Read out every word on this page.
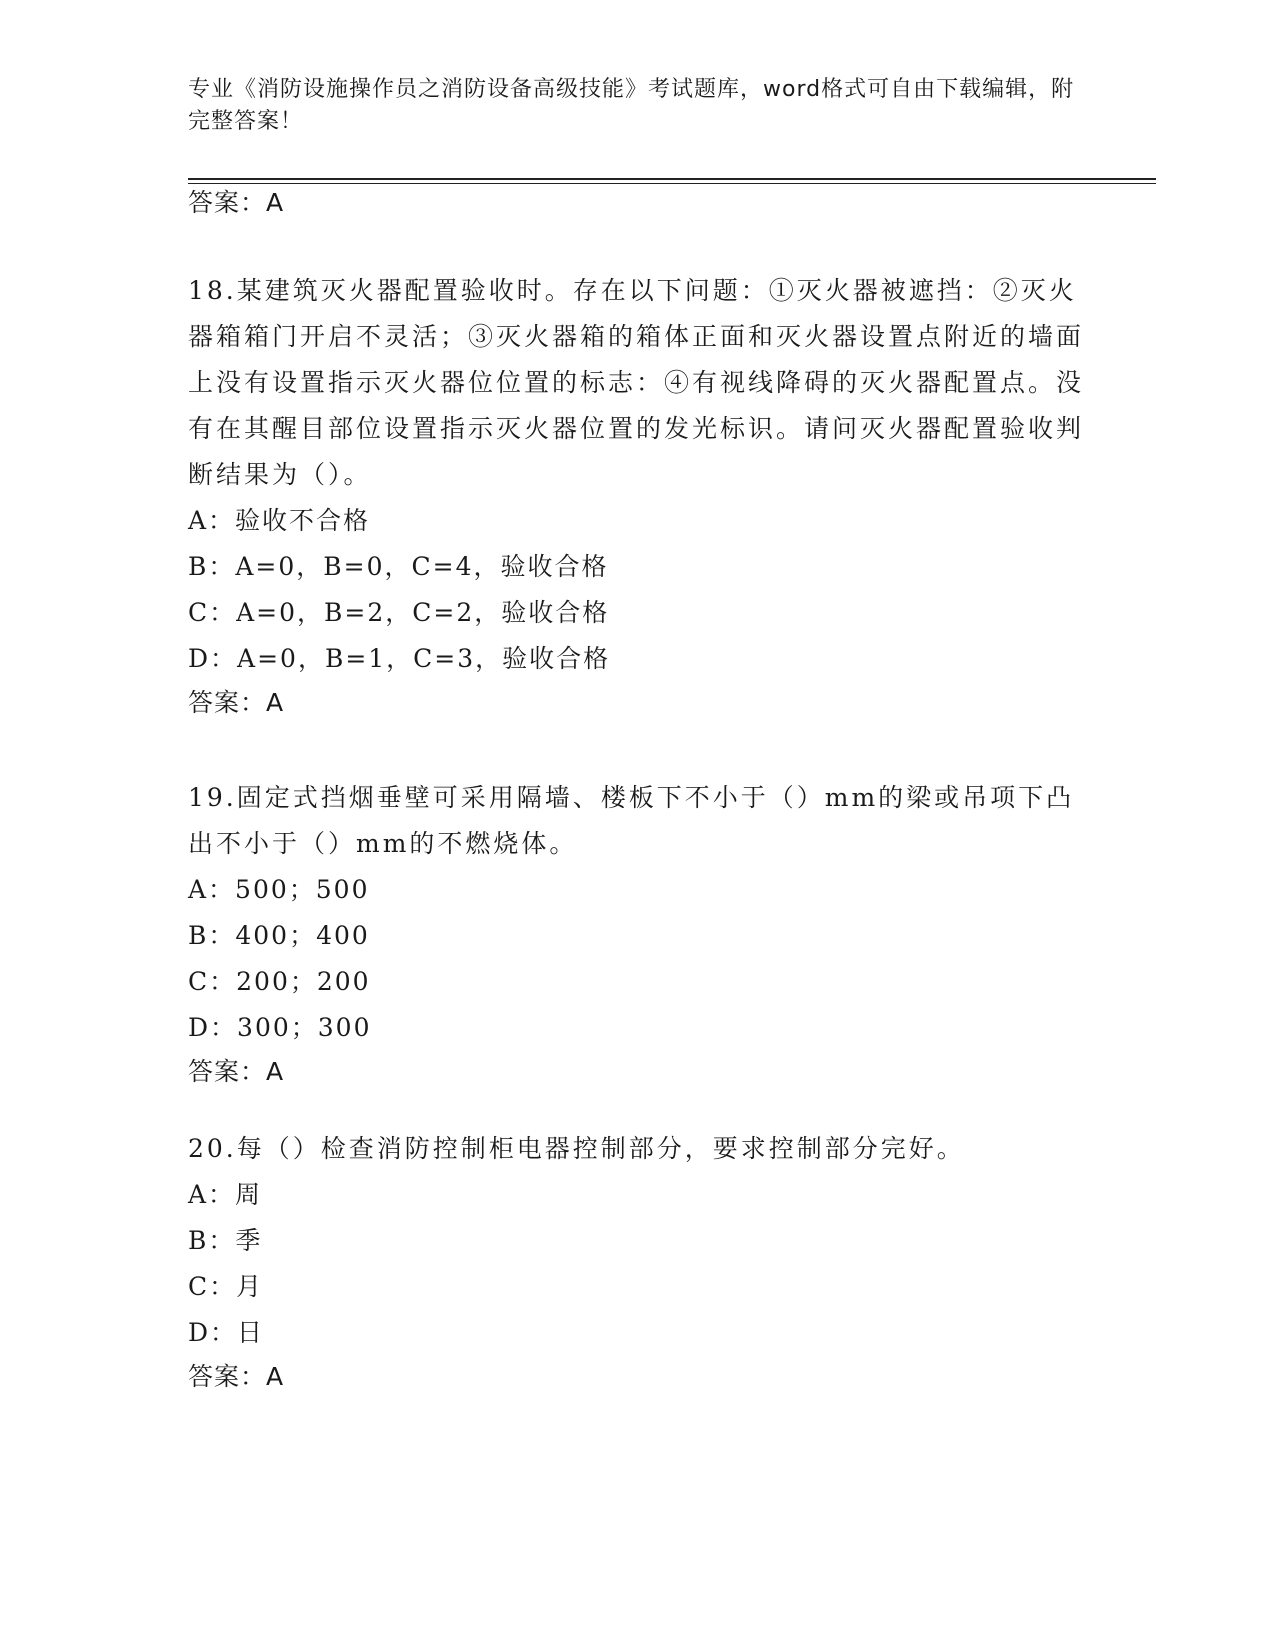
专业《消防设施操作员之消防设备高级技能》考试题库，word格式可自由下载编辑，附完整答案！
答案：A
18.某建筑灭火器配置验收时。存在以下问题：①灭火器被遮挡：②灭火器箱箱门开启不灵活；③灭火器箱的箱体正面和灭火器设置点附近的墙面上没有设置指示灭火器位位置的标志：④有视线降碍的灭火器配置点。没有在其醒目部位设置指示灭火器位置的发光标识。请问灭火器配置验收判断结果为（）。
A：验收不合格
B：A=0，B=0，C=4，验收合格
C：A=0，B=2，C=2，验收合格
D：A=0，B=1，C=3，验收合格
答案：A
19.固定式挡烟垂壁可采用隔墙、楼板下不小于（）mm的梁或吊项下凸出不小于（）mm的不燃烧体。
A：500；500
B：400；400
C：200；200
D：300；300
答案：A
20.每（）检查消防控制柜电器控制部分，要求控制部分完好。
A：周
B：季
C：月
D：日
答案：A
